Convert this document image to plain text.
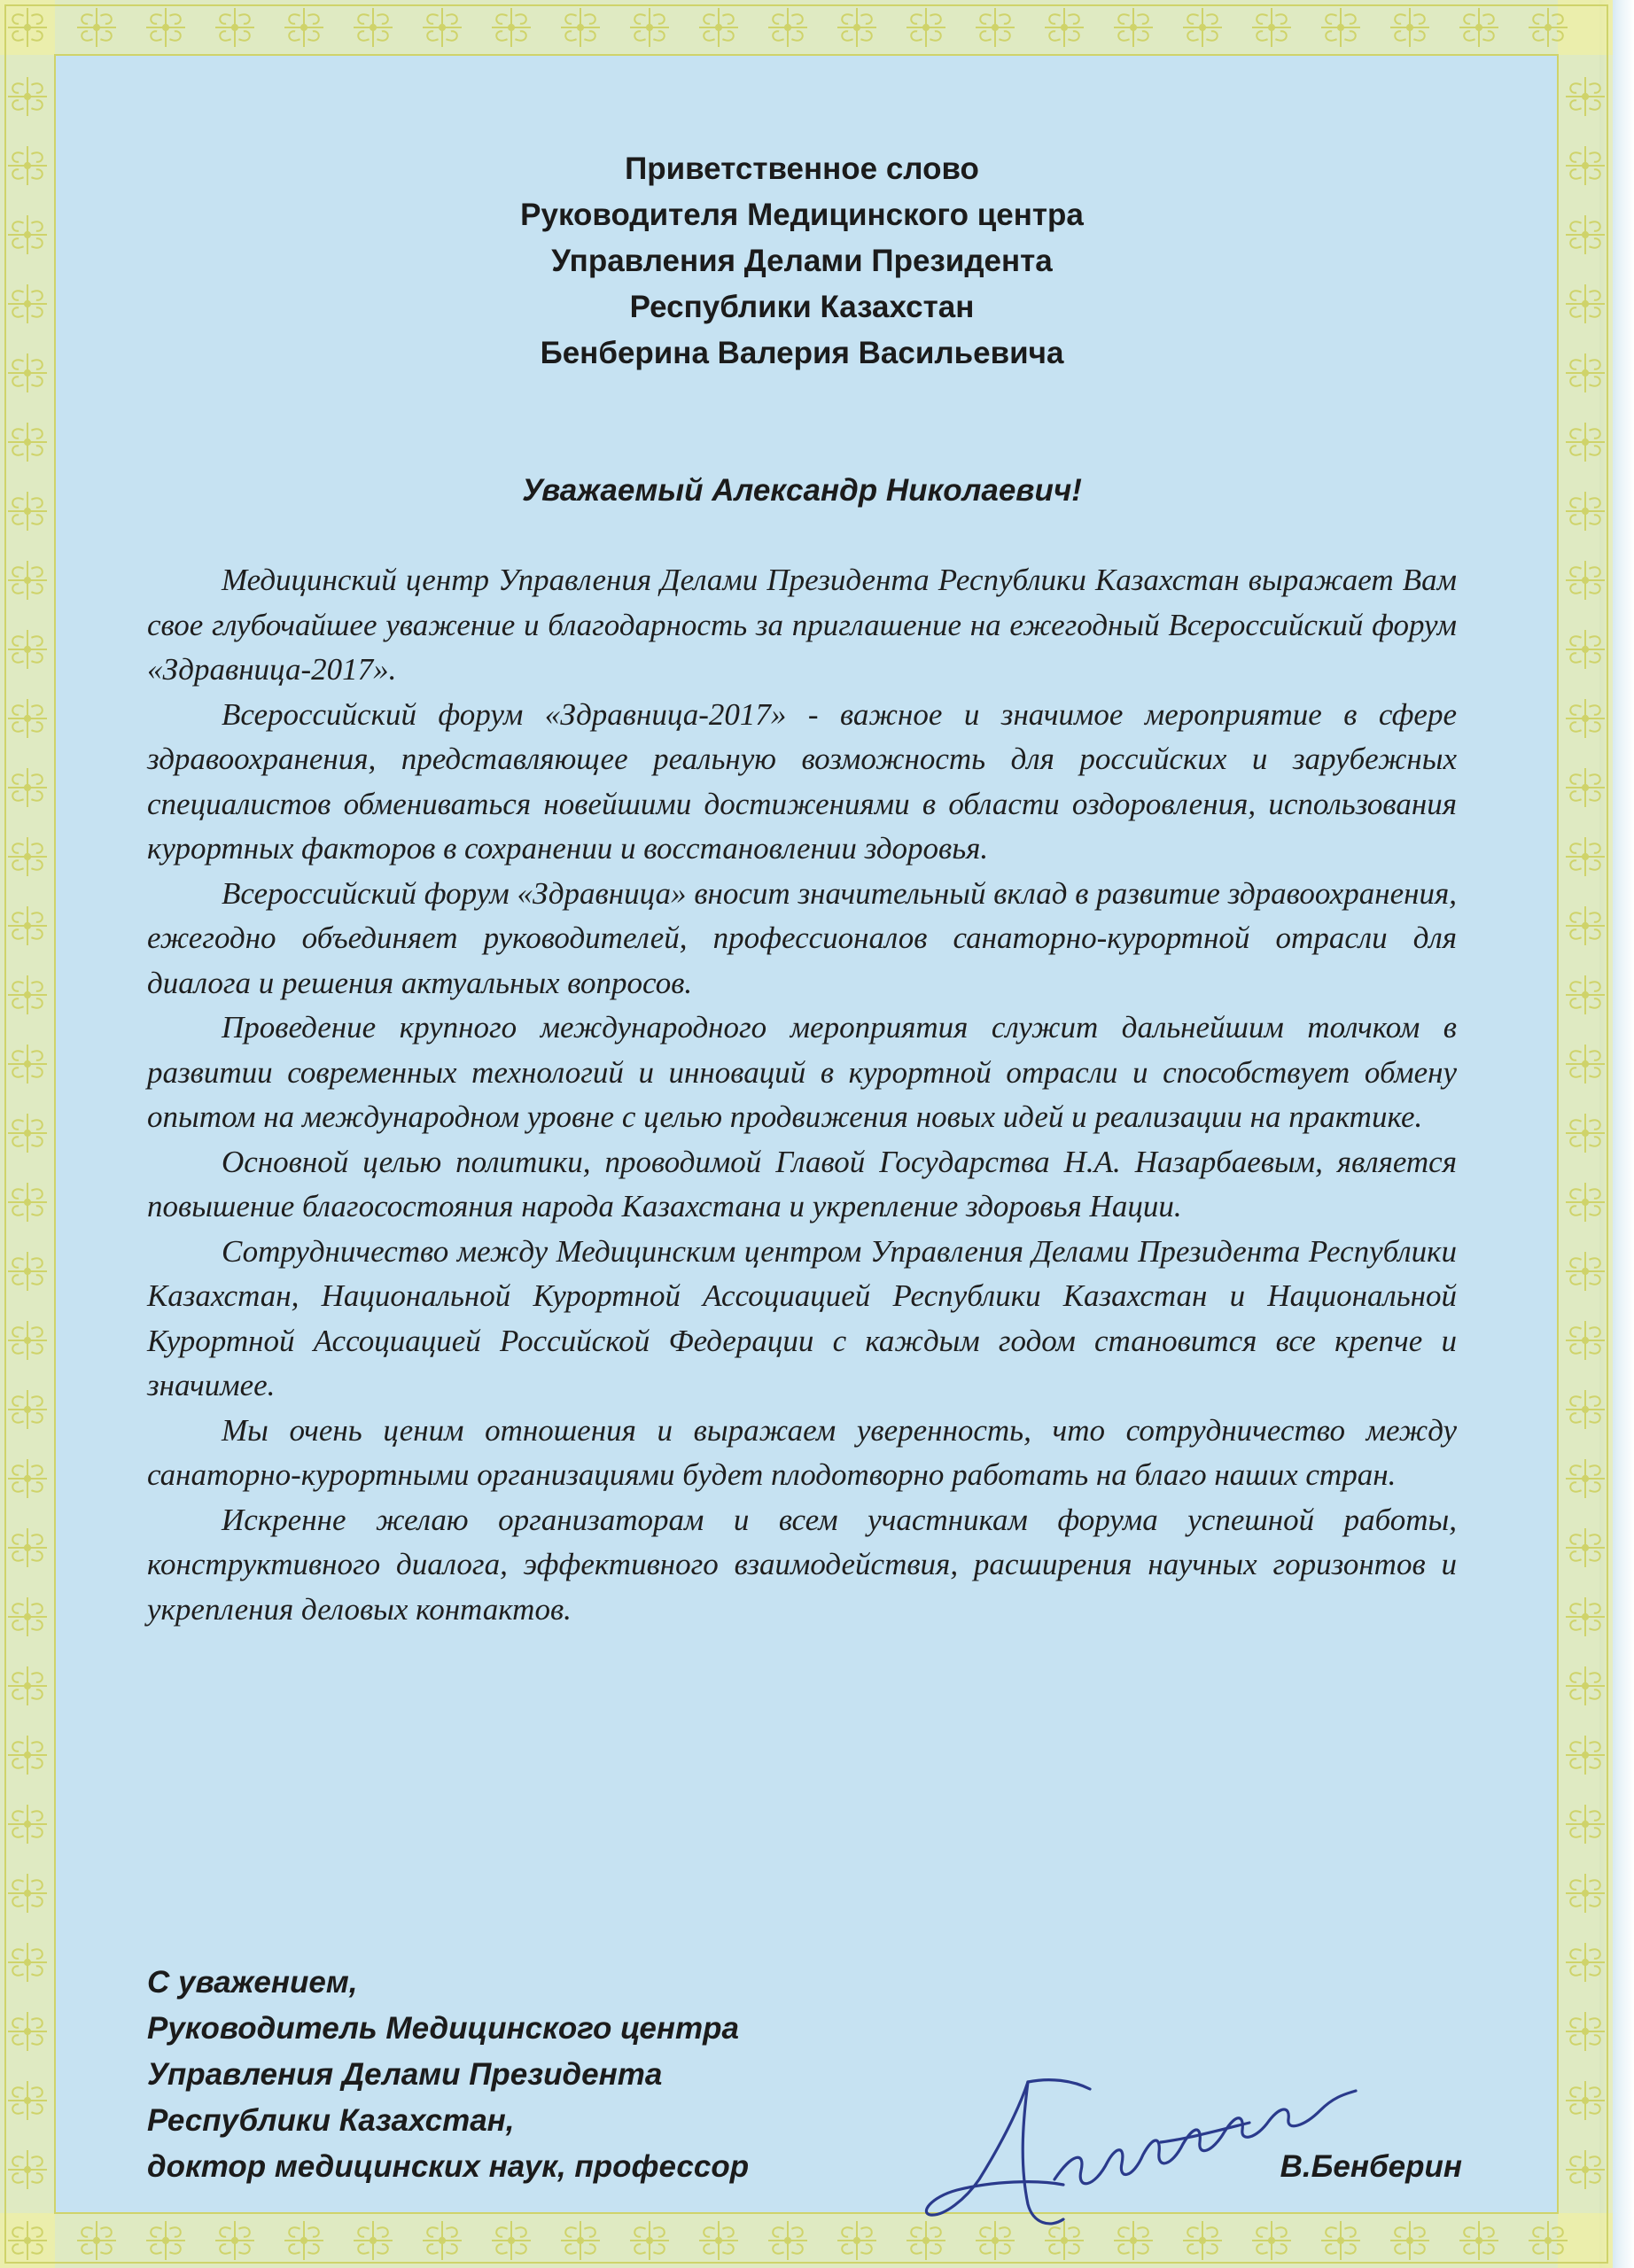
Приветственное слово
Руководителя Медицинского центра
Управления Делами Президента
Республики Казахстан
Бенберина Валерия Васильевича
Уважаемый Александр Николаевич!

Медицинский центр Управления Делами Президента Республики Казахстан выражает Вам свое глубочайшее уважение и благодарность за приглашение на ежегодный Всероссийский форум «Здравница-2017».

Всероссийский форум «Здравница-2017» - важное и значимое мероприятие в сфере здравоохранения, представляющее реальную возможность для российских и зарубежных специалистов обмениваться новейшими достижениями в области оздоровления, использования курортных факторов в сохранении и восстановлении здоровья.

Всероссийский форум «Здравница» вносит значительный вклад в развитие здравоохранения, ежегодно объединяет руководителей, профессионалов санаторно-курортной отрасли для диалога и решения актуальных вопросов.

Проведение крупного международного мероприятия служит дальнейшим толчком в развитии современных технологий и инноваций в курортной отрасли и способствует обмену опытом на международном уровне с целью продвижения новых идей и реализации на практике.

Основной целью политики, проводимой Главой Государства Н.А. Назарбаевым, является повышение благосостояния народа Казахстана и укрепление здоровья Нации.

Сотрудничество между Медицинским центром Управления Делами Президента Республики Казахстан, Национальной Курортной Ассоциацией Республики Казахстан и Национальной Курортной Ассоциацией Российской Федерации с каждым годом становится все крепче и значимее.

Мы очень ценим отношения и выражаем уверенность, что сотрудничество между санаторно-курортными организациями будет плодотворно работать на благо наших стран.

Искренне желаю организаторам и всем участникам форума успешной работы, конструктивного диалога, эффективного взаимодействия, расширения научных горизонтов и укрепления деловых контактов.

С уважением,
Руководитель Медицинского центра
Управления Делами Президента
Республики Казахстан,
доктор медицинских наук, профессор	В.Бенберин
